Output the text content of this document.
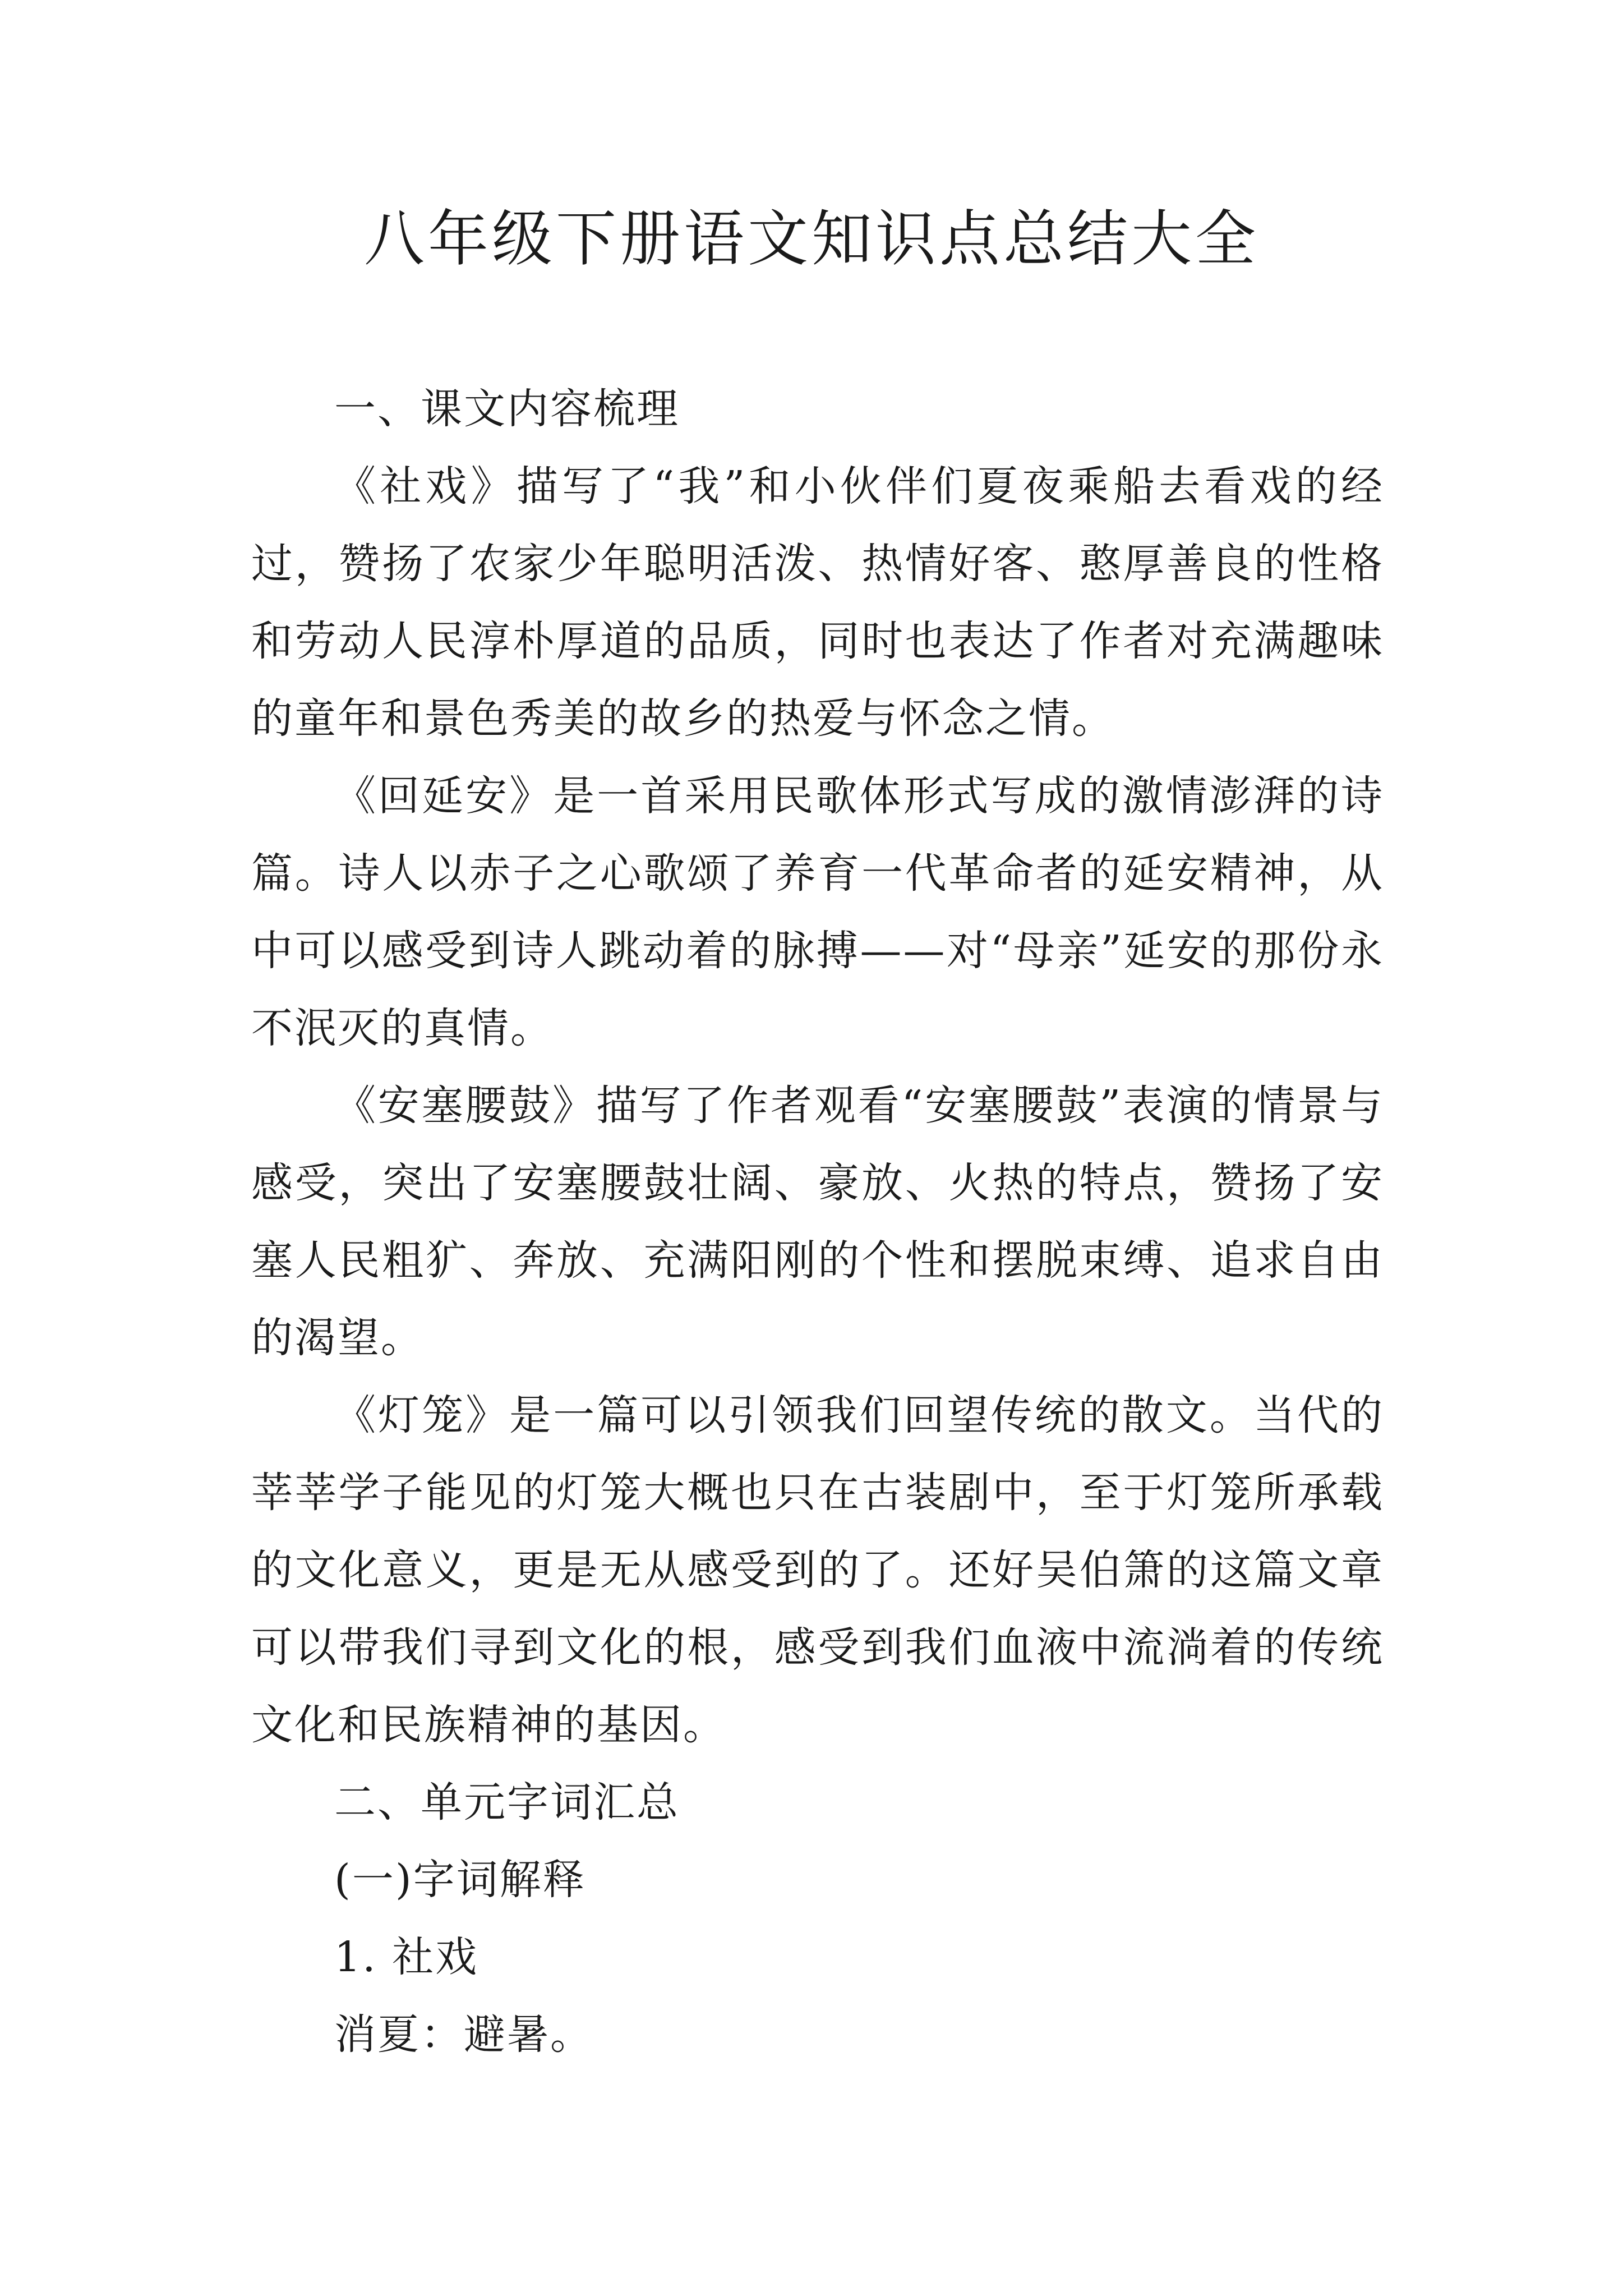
八年级下册语文知识点总结大全

一、课文内容梳理

《社戏》描写了“我”和小伙伴们夏夜乘船去看戏的经过，赞扬了农家少年聪明活泼、热情好客、憨厚善良的性格和劳动人民淳朴厚道的品质，同时也表达了作者对充满趣味的童年和景色秀美的故乡的热爱与怀念之情。

《回延安》是一首采用民歌体形式写成的激情澎湃的诗篇。诗人以赤子之心歌颂了养育一代革命者的延安精神，从中可以感受到诗人跳动着的脉搏——对“母亲”延安的那份永不泯灭的真情。

《安塞腰鼓》描写了作者观看“安塞腰鼓”表演的情景与感受，突出了安塞腰鼓壮阔、豪放、火热的特点，赞扬了安塞人民粗犷、奔放、充满阳刚的个性和摆脱束缚、追求自由的渴望。

《灯笼》是一篇可以引领我们回望传统的散文。当代的莘莘学子能见的灯笼大概也只在古装剧中，至于灯笼所承载的文化意义，更是无从感受到的了。还好吴伯箫的这篇文章可以带我们寻到文化的根，感受到我们血液中流淌着的传统文化和民族精神的基因。

二、单元字词汇总

(一)字词解释

1. 社戏

消夏：避暑。
